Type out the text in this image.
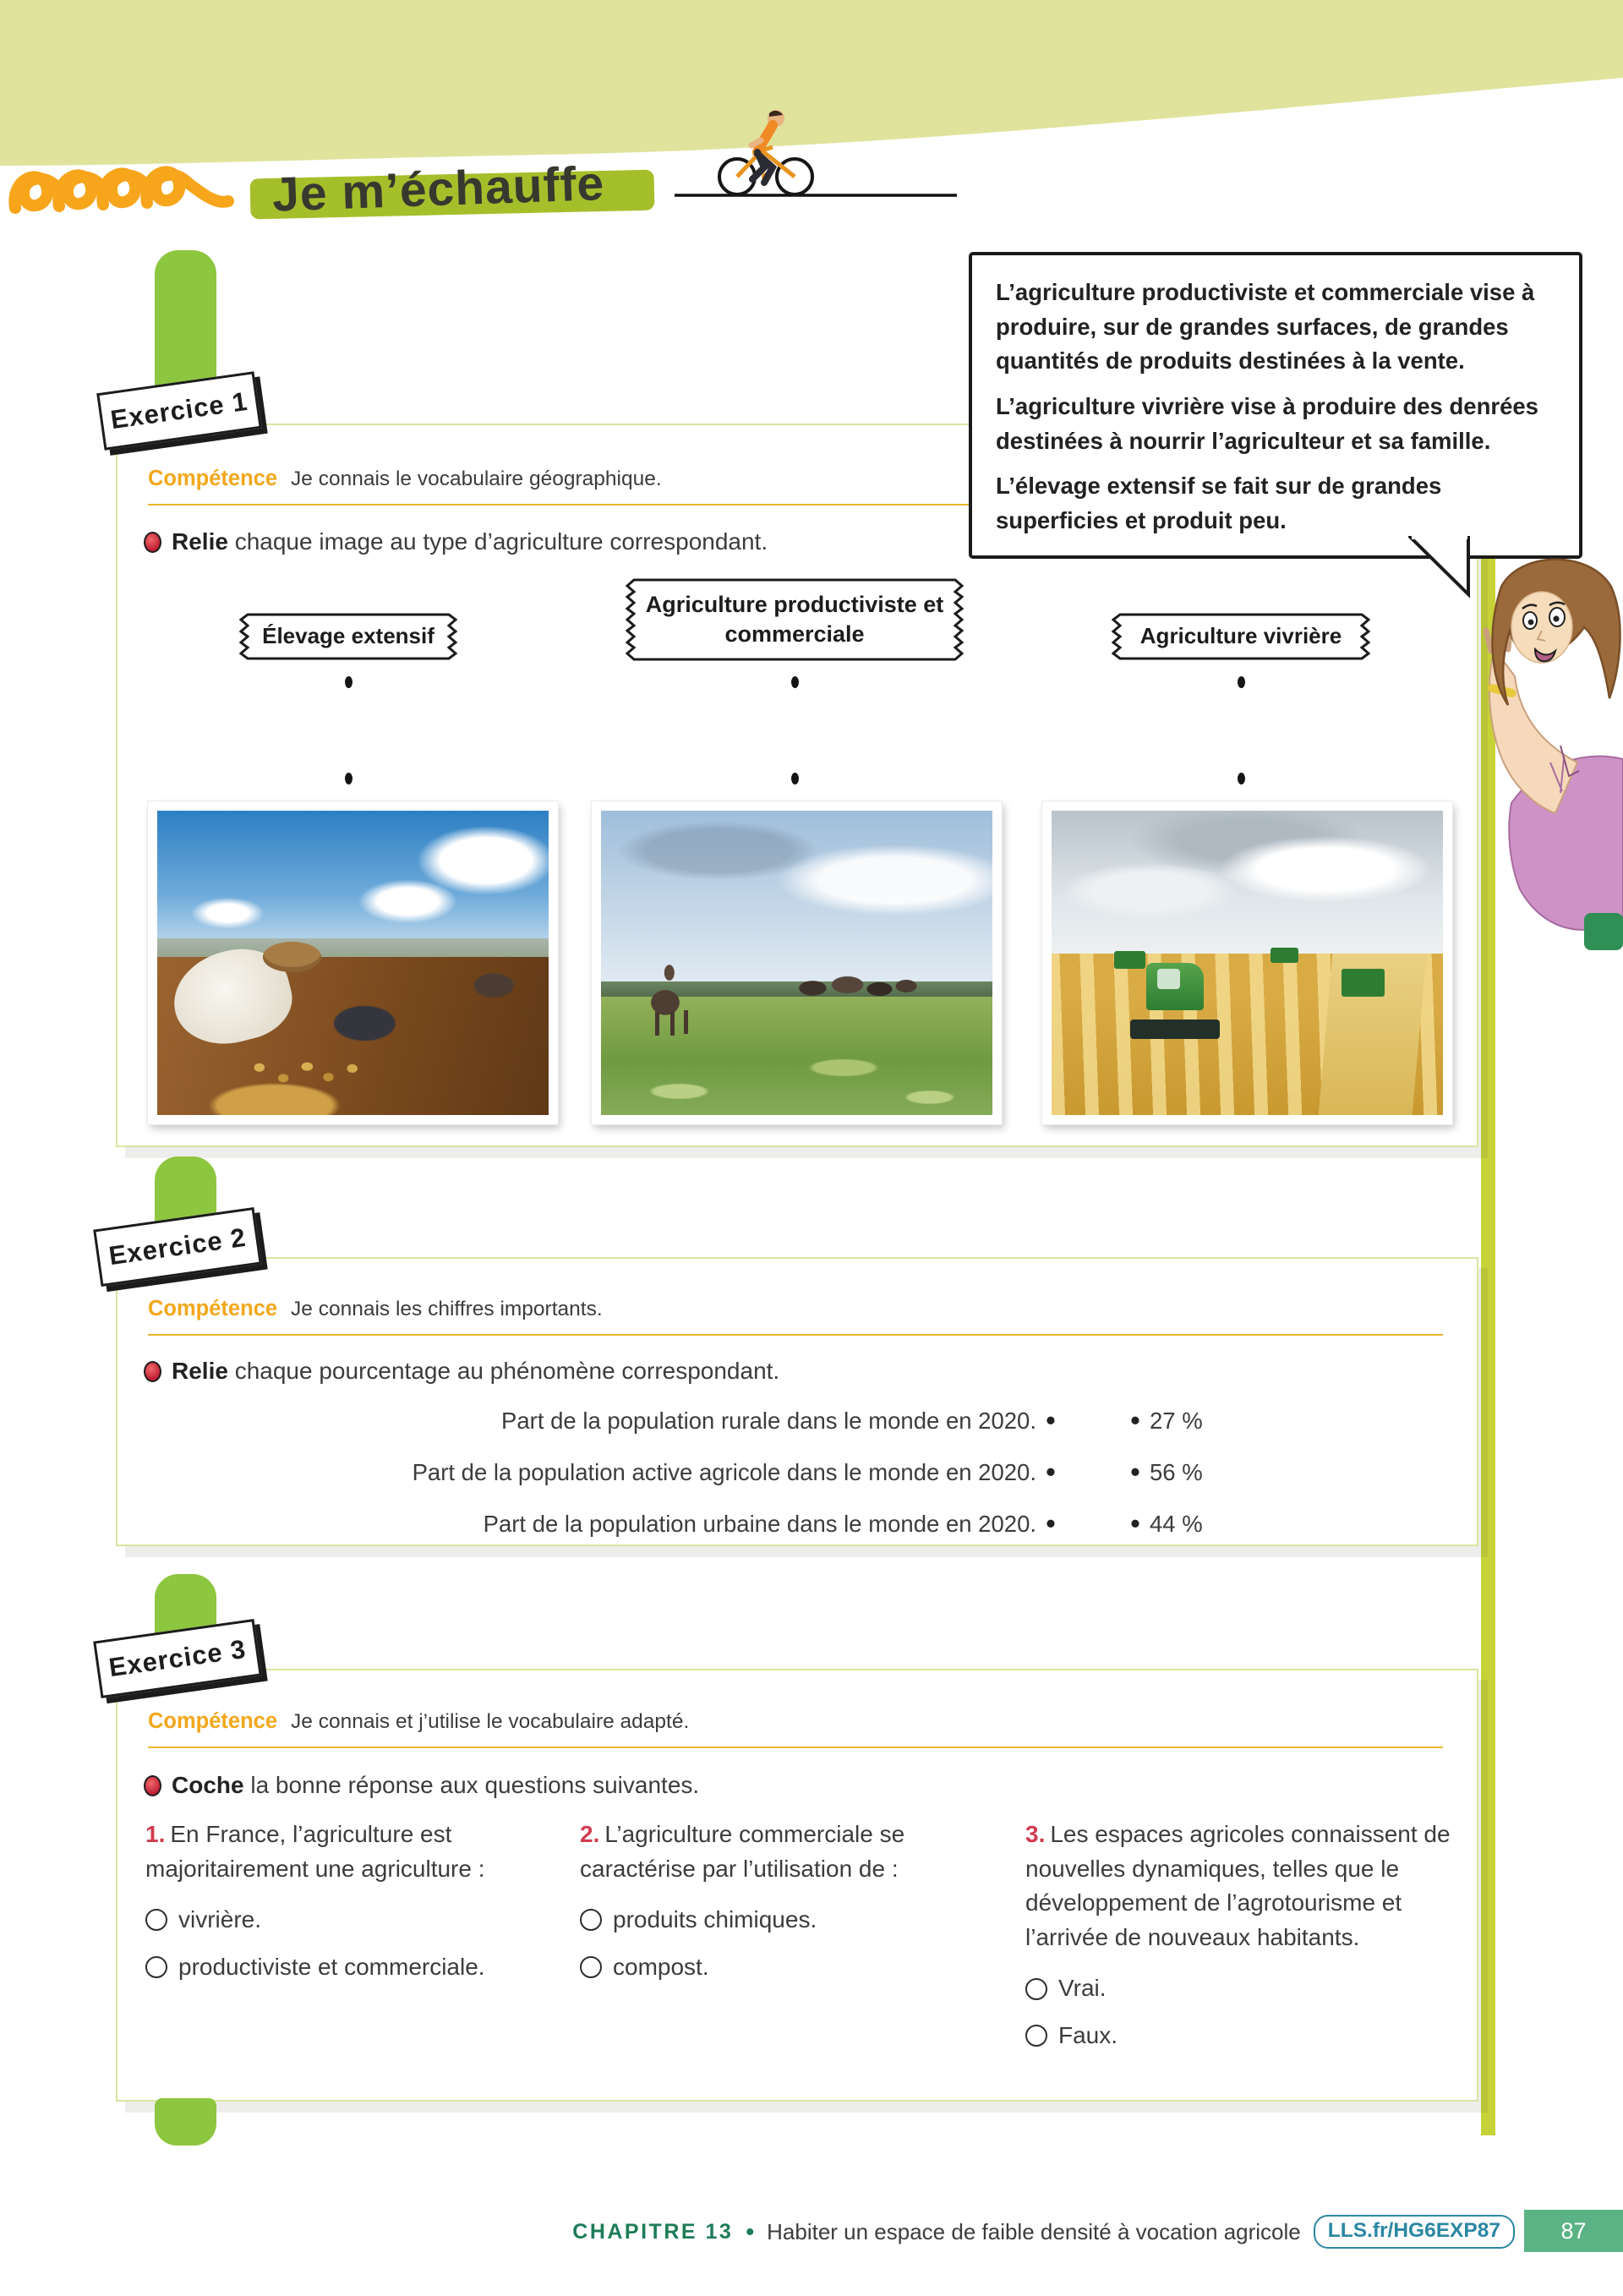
Je m’échauffe
Exercice 1
Compétence Je connais le vocabulaire géographique.
Relie chaque image au type d’agriculture correspondant.
Élevage extensif
Agriculture productiviste et commerciale	Agriculture vivrière

L’agriculture productiviste et commerciale vise à produire, sur de grandes surfaces, de grandes quantités de produits destinées à la vente.

L’agriculture vivrière vise à produire des denrées destinées à nourrir l’agriculteur et sa famille.

L’élevage extensif se fait sur de grandes superficies et produit peu.

Exercice 2
Compétence Je connais les chiffres importants.
Relie chaque pourcentage au phénomène correspondant.
Part de la population rurale dans le monde en 2020. •	• 27 %
Part de la population active agricole dans le monde en 2020. •	• 56 %
Part de la population urbaine dans le monde en 2020. •	• 44 %
Exercice 3
Compétence Je connais et j’utilise le vocabulaire adapté.
Coche la bonne réponse aux questions suivantes.
1. En France, l’agriculture est majoritairement une agriculture :
vivrière.
productiviste et commerciale.
2. L’agriculture commerciale se caractérise par l’utilisation de :
produits chimiques.
compost.
3. Les espaces agricoles connaissent de nouvelles dynamiques, telles que le développement de l’agrotourisme et l’arrivée de nouveaux habitants.
Vrai.
Faux.
CHAPITRE 13 • Habiter un espace de faible densité à vocation agricole	LLS.fr/HG6EXP87	87
